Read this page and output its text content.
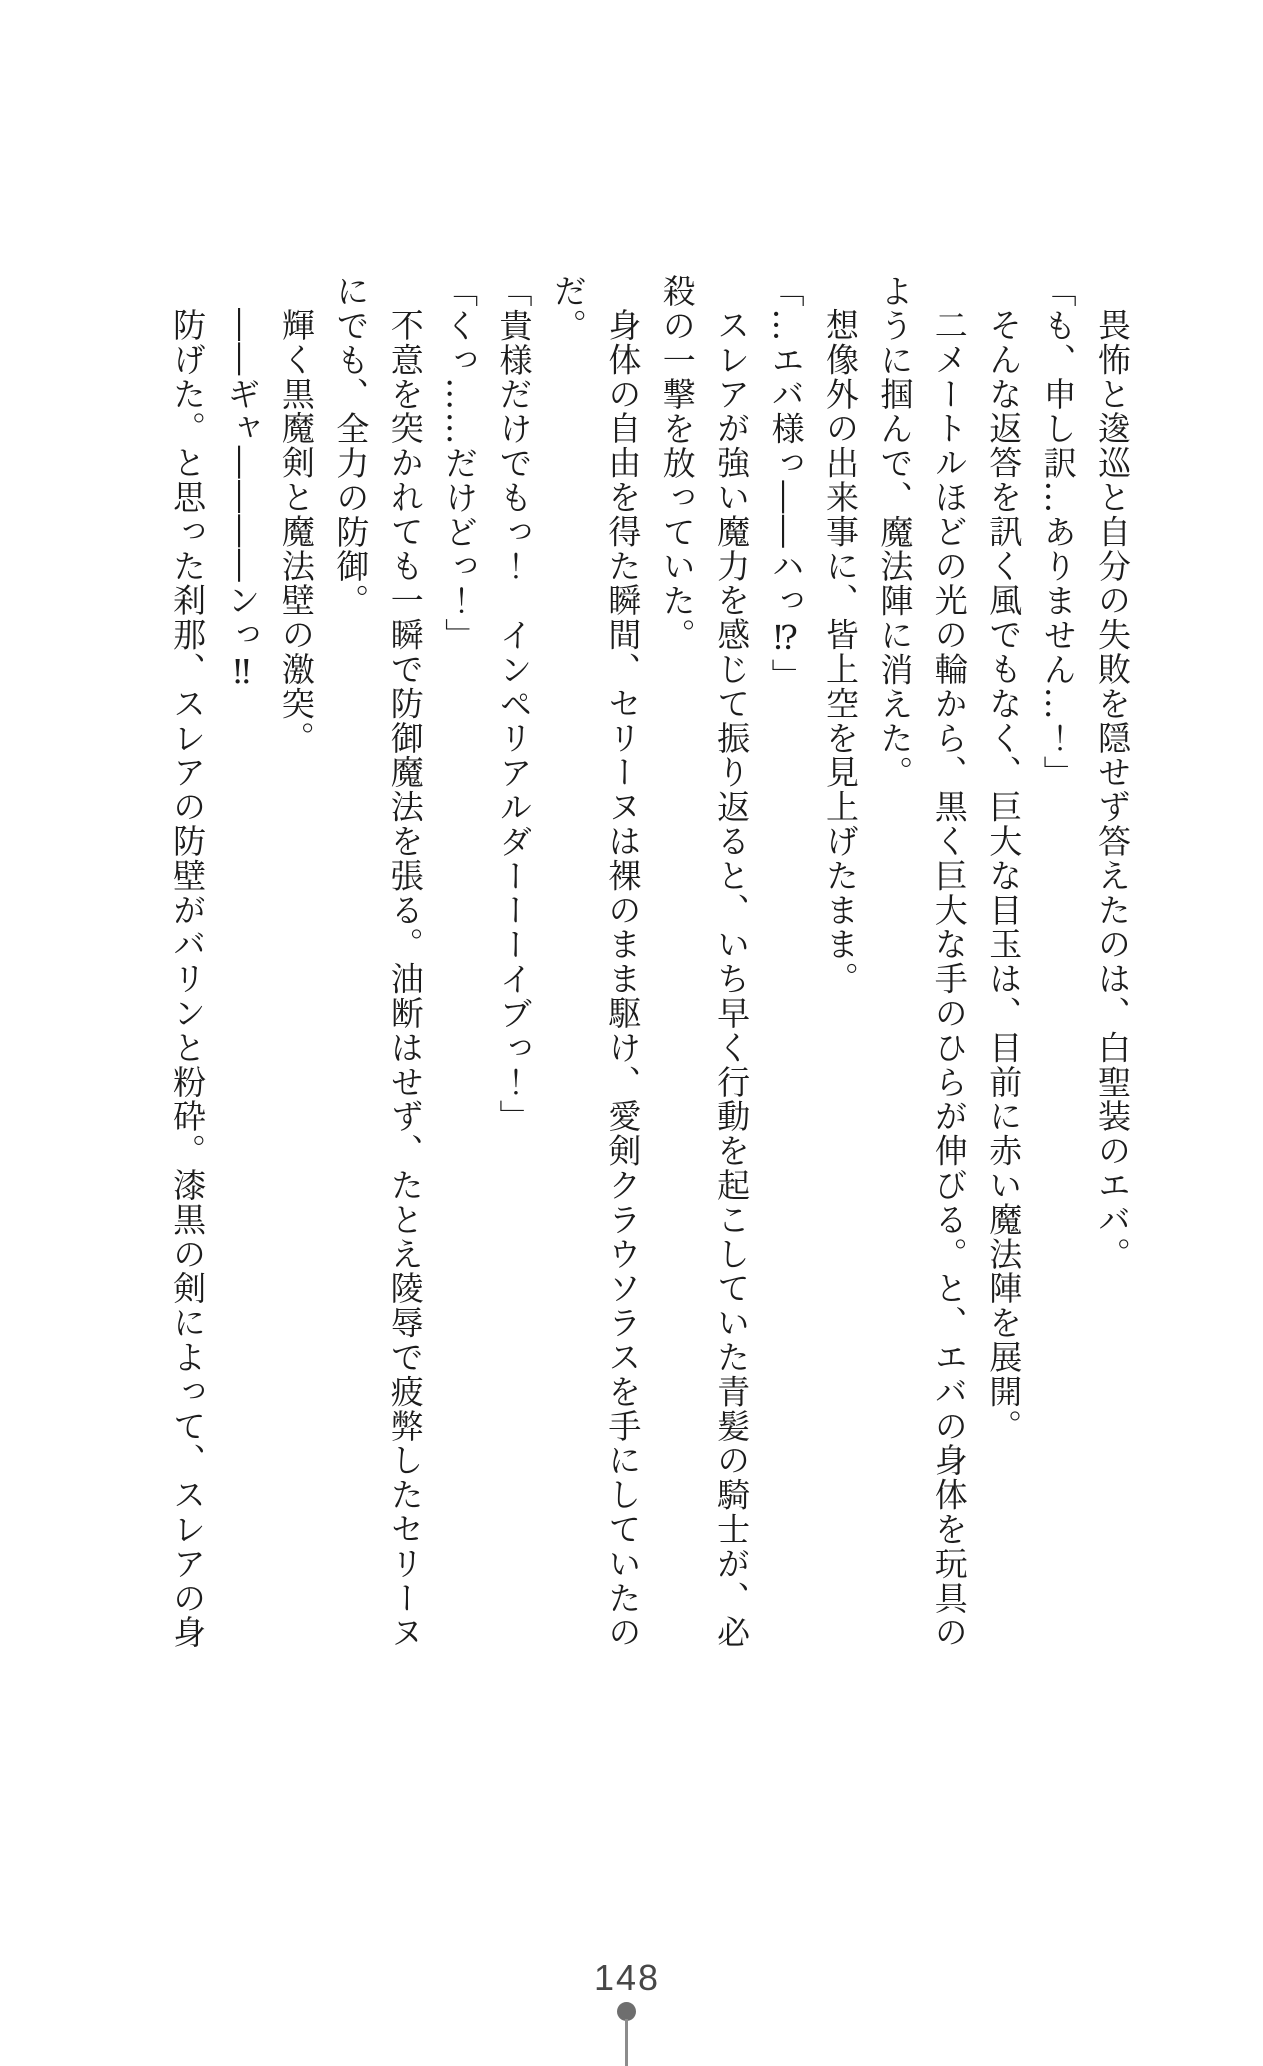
畏怖と逡巡と自分の失敗を隠せず答えたのは、白聖装のエバ。

「も、申し訳…ありません…！」

そんな返答を訊く風でもなく、巨大な目玉は、目前に赤い魔法陣を展開。

二メートルほどの光の輪から、黒く巨大な手のひらが伸びる。と、エバの身体を玩具のように掴んで、魔法陣に消えた。

想像外の出来事に、皆上空を見上げたまま。

「…エバ様っ――ハっ⁉」

スレアが強い魔力を感じて振り返ると、いち早く行動を起こしていた青髪の騎士が、必殺の一撃を放っていた。

身体の自由を得た瞬間、セリーヌは裸のまま駆け、愛剣クラウソラスを手にしていたのだ。

「貴様だけでもっ！　インペリアルダーーーイブっ！」

「くっ……だけどっ！」

不意を突かれても一瞬で防御魔法を張る。油断はせず、たとえ陵辱で疲弊したセリーヌにでも、全力の防御。

輝く黒魔剣と魔法壁の激突。

――ギャ――――ンっ‼

防げた。と思った刹那、スレアの防壁がバリンと粉砕。漆黒の剣によって、スレアの身

148
